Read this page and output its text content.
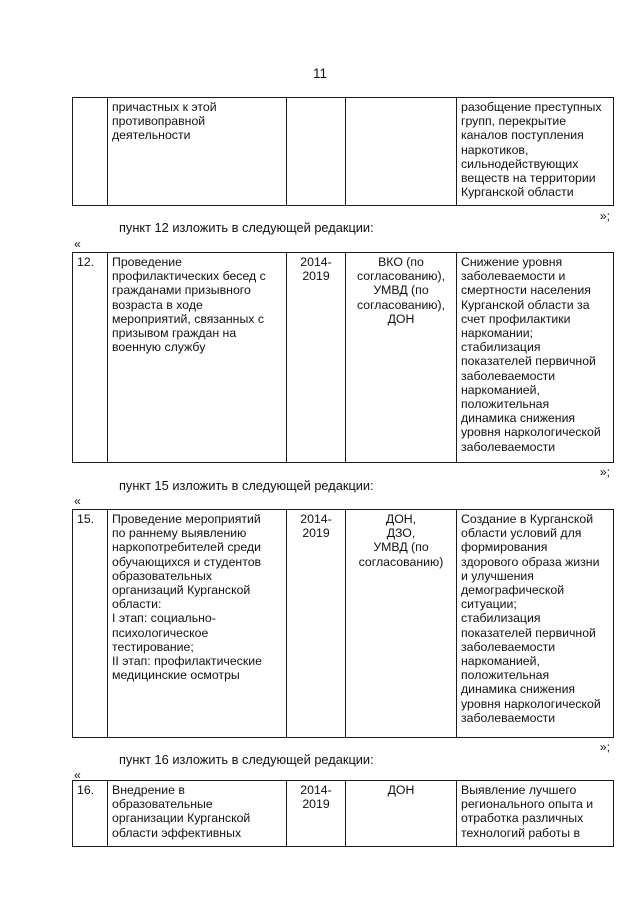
11
	причастных к этой
противоправной
деятельности			разобщение преступных
групп, перекрытие
каналов поступления
наркотиков,
сильнодействующих
веществ на территории
Курганской области
»;
пункт 12 изложить в следующей редакции:
«
12.	Проведение
профилактических бесед с
гражданами призывного
возраста в ходе
мероприятий, связанных с
призывом граждан на
военную службу	2014-
2019	ВКО (по
согласованию),
УМВД (по
согласованию),
ДОН	Снижение уровня
заболеваемости и
смертности населения
Курганской области за
счет профилактики
наркомании;
стабилизация
показателей первичной
заболеваемости
наркоманией,
положительная
динамика снижения
уровня наркологической
заболеваемости
»;
пункт 15 изложить в следующей редакции:
«
15.	Проведение мероприятий
по раннему выявлению
наркопотребителей среди
обучающихся и студентов
образовательных
организаций Курганской
области:
I этап: социально-
психологическое
тестирование;
II этап: профилактические
медицинские осмотры	2014-
2019	ДОН,
ДЗО,
УМВД (по
согласованию)	Создание в Курганской
области условий для
формирования
здорового образа жизни
и улучшения
демографической
ситуации;
стабилизация
показателей первичной
заболеваемости
наркоманией,
положительная
динамика снижения
уровня наркологической
заболеваемости
»;
пункт 16 изложить в следующей редакции:
«
16.	Внедрение в
образовательные
организации Курганской
области эффективных	2014-
2019	ДОН	Выявление лучшего
регионального опыта и
отработка различных
технологий работы в
